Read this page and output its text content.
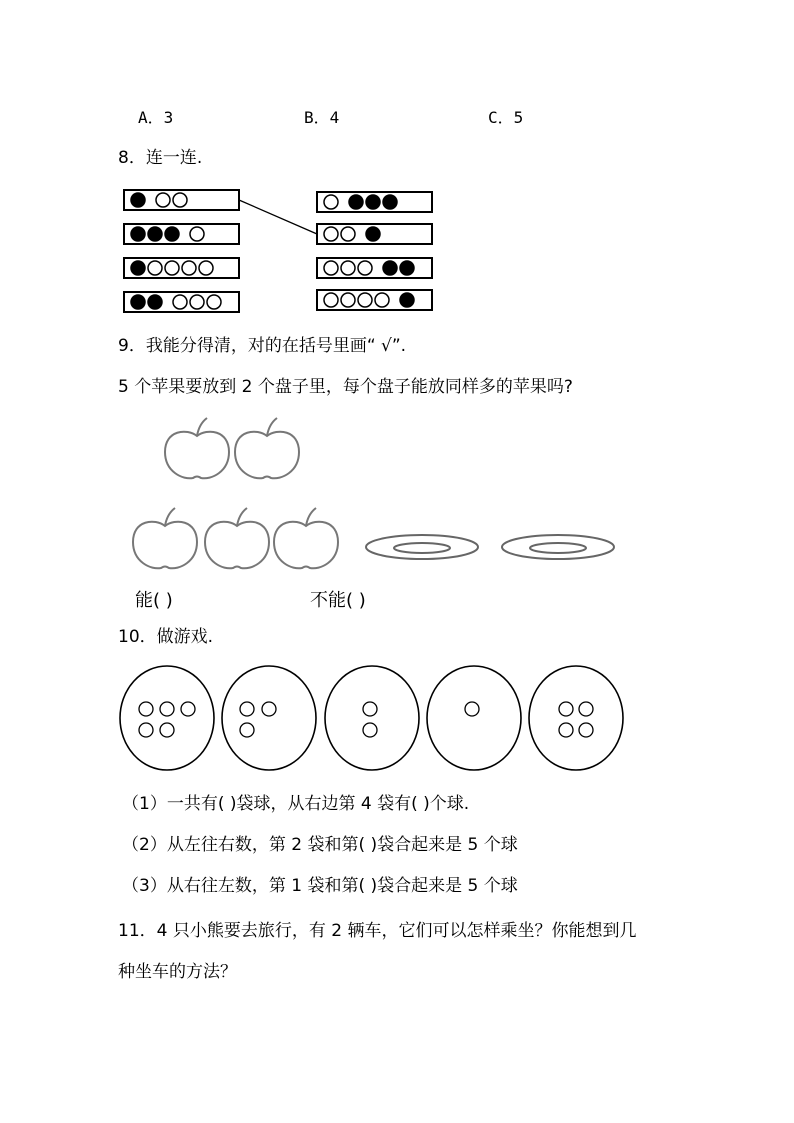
A．3	B．4	C．5
8．连一连.
9．我能分得清，对的在括号里画“ √”.
5 个苹果要放到 2 个盘子里，每个盘子能放同样多的苹果吗?
能( )	不能( )
10．做游戏.
（1）一共有( )袋球，从右边第 4 袋有( )个球.
（2）从左往右数，第 2 袋和第( )袋合起来是 5 个球
（3）从右往左数，第 1 袋和第( )袋合起来是 5 个球
11．4 只小熊要去旅行，有 2 辆车，它们可以怎样乘坐？你能想到几
种坐车的方法？
